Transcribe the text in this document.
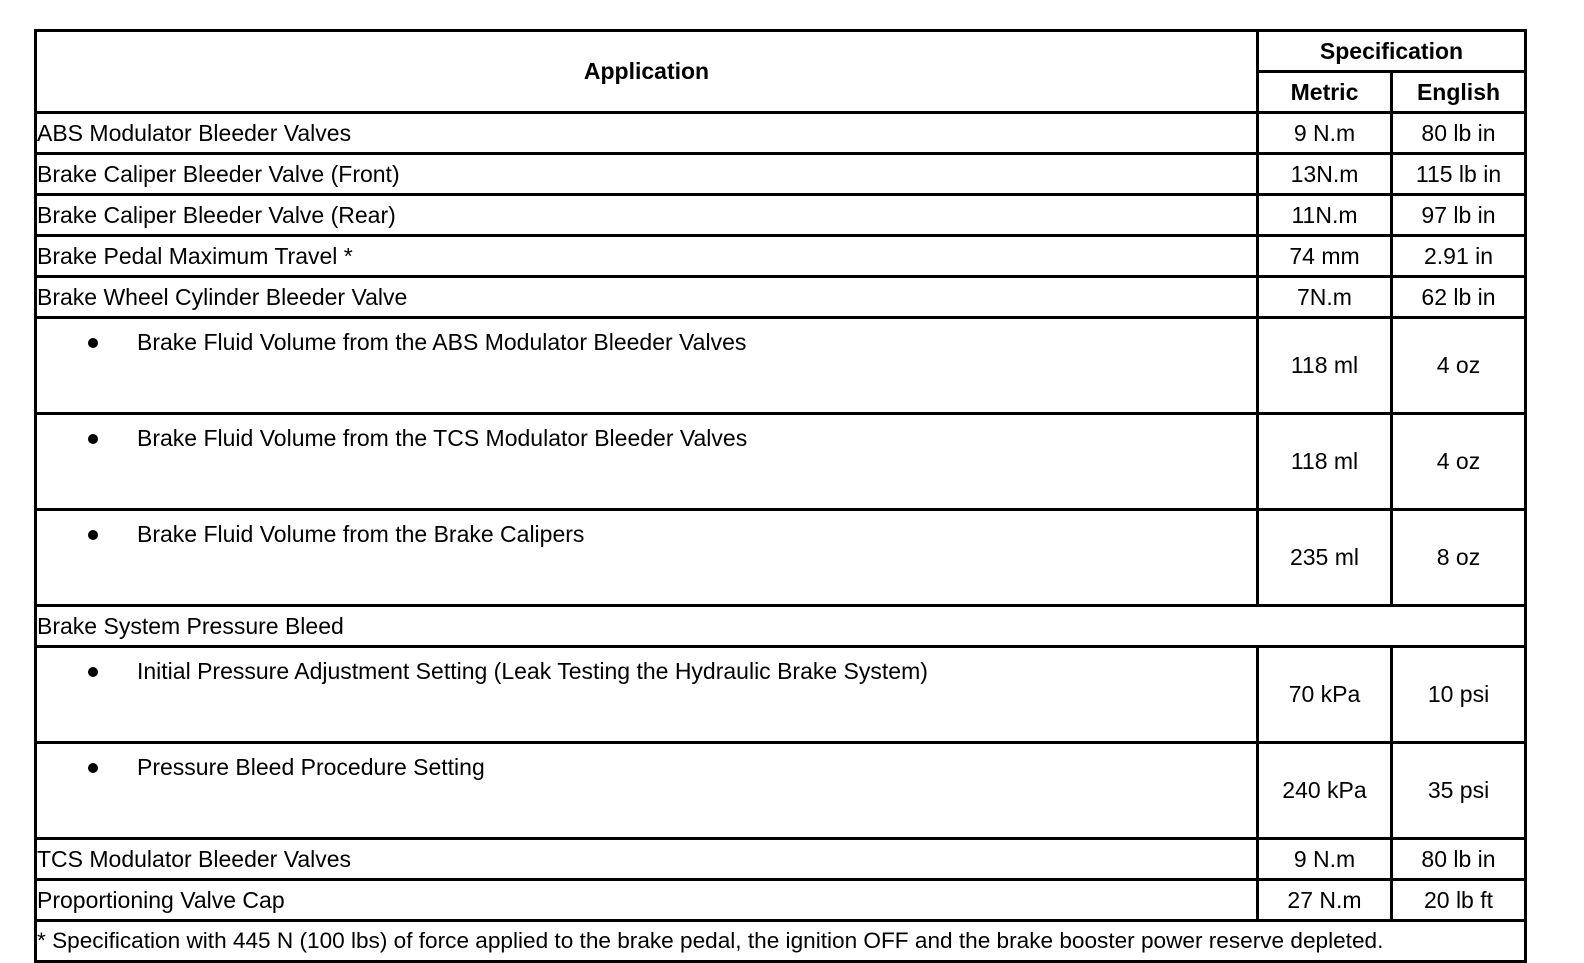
Application	Specification	
	Metric	English
ABS Modulator Bleeder Valves	9 N.m	80 lb in
Brake Caliper Bleeder Valve (Front)	13N.m	115 lb in
Brake Caliper Bleeder Valve (Rear)	11N.m	97 lb in
Brake Pedal Maximum Travel *	74 mm	2.91 in
Brake Wheel Cylinder Bleeder Valve	7N.m	62 lb in

Brake Fluid Volume from the ABS Modulator Bleeder Valves	118 ml	4 oz

Brake Fluid Volume from the TCS Modulator Bleeder Valves	118 ml	4 oz

Brake Fluid Volume from the Brake Calipers	235 ml	8 oz
Brake System Pressure Bleed		

Initial Pressure Adjustment Setting (Leak Testing the Hydraulic Brake System)	70 kPa	10 psi

Pressure Bleed Procedure Setting	240 kPa	35 psi
TCS Modulator Bleeder Valves	9 N.m	80 lb in
Proportioning Valve Cap	27 N.m	20 lb ft
* Specification with 445 N (100 lbs) of force applied to the brake pedal, the ignition OFF and the brake booster power reserve depleted.		
